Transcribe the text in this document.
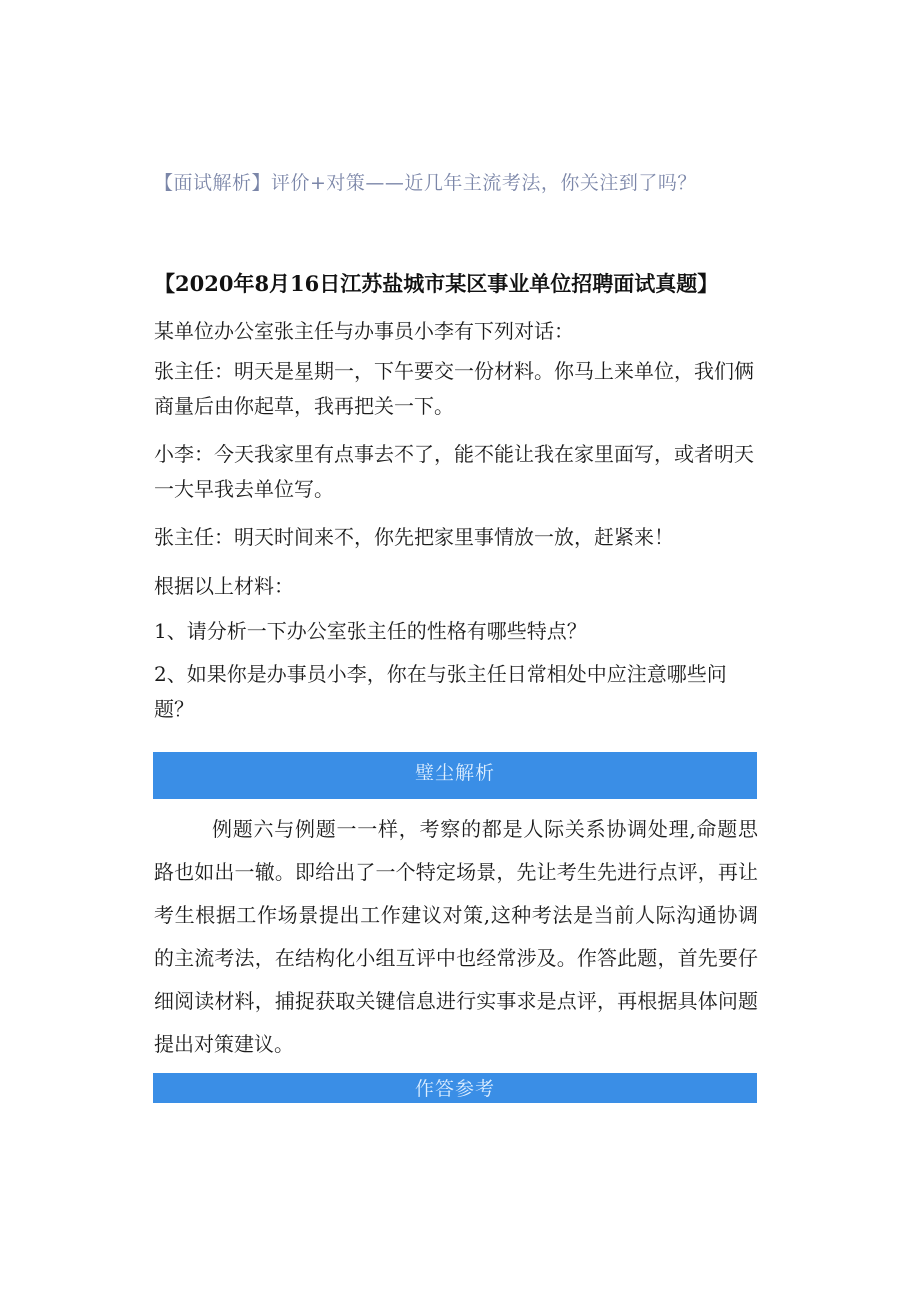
【面试解析】评价+对策——近几年主流考法，你关注到了吗？
【2020年8月16日江苏盐城市某区事业单位招聘面试真题】
某单位办公室张主任与办事员小李有下列对话：
张主任：明天是星期一，下午要交一份材料。你马上来单位，我们俩商量后由你起草，我再把关一下。
小李：今天我家里有点事去不了，能不能让我在家里面写，或者明天一大早我去单位写。
张主任：明天时间来不，你先把家里事情放一放，赶紧来！
根据以上材料：
1、请分析一下办公室张主任的性格有哪些特点？
2、如果你是办事员小李，你在与张主任日常相处中应注意哪些问题？
璧尘解析
例题六与例题一一样，考察的都是人际关系协调处理,命题思路也如出一辙。即给出了一个特定场景，先让考生先进行点评，再让考生根据工作场景提出工作建议对策,这种考法是当前人际沟通协调的主流考法，在结构化小组互评中也经常涉及。作答此题，首先要仔细阅读材料，捕捉获取关键信息进行实事求是点评，再根据具体问题提出对策建议。
作答参考
